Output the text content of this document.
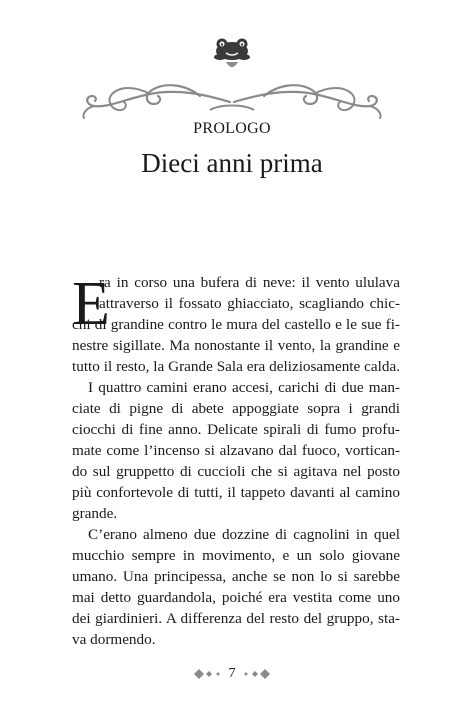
PROLOGO
Dieci anni prima
E
ra in corso una bufera di neve: il vento ululava
attraverso il fossato ghiacciato, scagliando chic-
chi di grandine contro le mura del castello e le sue fi-
nestre sigillate. Ma nonostante il vento, la grandine e
tutto il resto, la Grande Sala era deliziosamente calda.
I quattro camini erano accesi, carichi di due man-
ciate di pigne di abete appoggiate sopra i grandi
ciocchi di fine anno. Delicate spirali di fumo profu-
mate come l’incenso si alzavano dal fuoco, vortican-
do sul gruppetto di cuccioli che si agitava nel posto
più confortevole di tutti, il tappeto davanti al camino
grande.
C’erano almeno due dozzine di cagnolini in quel
mucchio sempre in movimento, e un solo giovane
umano. Una principessa, anche se non lo si sarebbe
mai detto guardandola, poiché era vestita come uno
dei giardinieri. A differenza del resto del gruppo, sta-
va dormendo.
7
